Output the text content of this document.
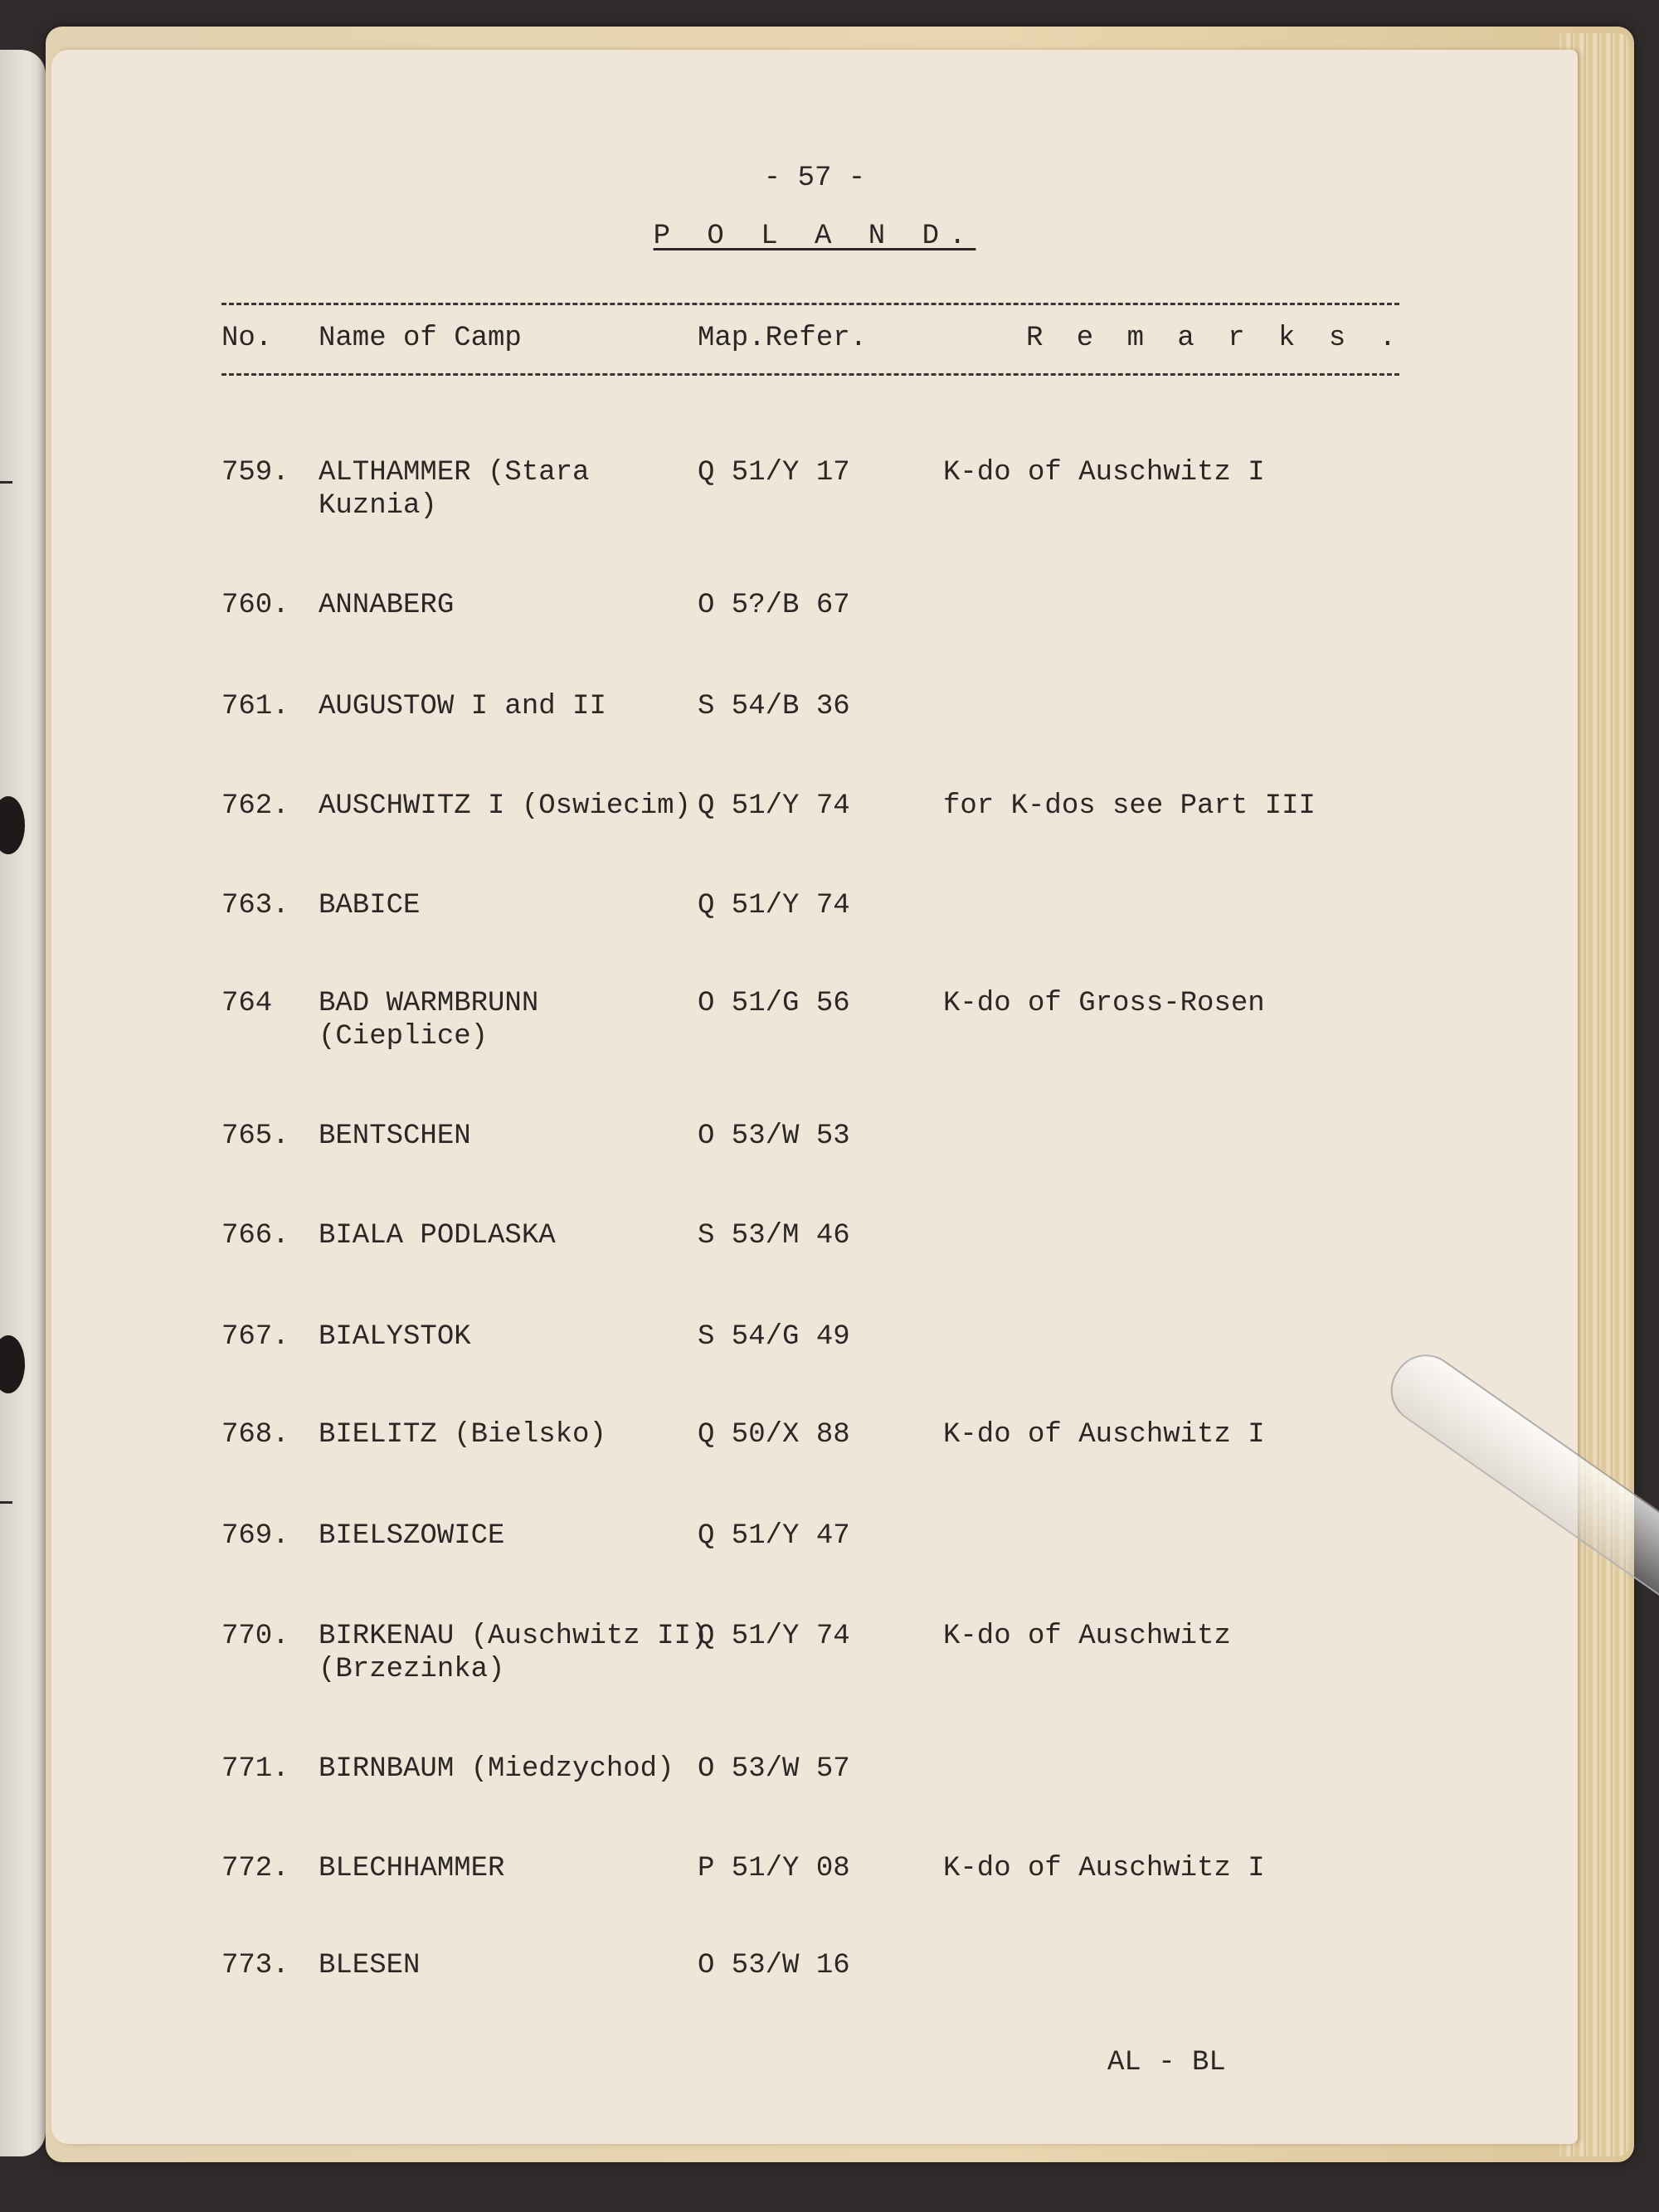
- 57 -
P O L A N D.
No. Name of Camp	Map.Refer.	R e m a r k s .
759. ALTHAMMER (Stara
Kuznia)
Q 51/Y 17	K-do of Auschwitz I
760. ANNABERG	O 5?/B 67
761. AUGUSTOW I and II	S 54/B 36
762. AUSCHWITZ I (Oswiecim) Q 51/Y 74	for K-dos see Part III
763. BABICE	Q 51/Y 74
764 BAD WARMBRUNN
(Cieplice)
O 51/G 56	K-do of Gross-Rosen
765. BENTSCHEN	O 53/W 53
766. BIALA PODLASKA	S 53/M 46
767. BIALYSTOK	S 54/G 49
768. BIELITZ (Bielsko)	Q 50/X 88	K-do of Auschwitz I
769. BIELSZOWICE	Q 51/Y 47
770. BIRKENAU (Auschwitz II)
(Brzezinka)
Q 51/Y 74	K-do of Auschwitz
771. BIRNBAUM (Miedzychod) O 53/W 57
772. BLECHHAMMER	P 51/Y 08	K-do of Auschwitz I
773. BLESEN	O 53/W 16
AL - BL
